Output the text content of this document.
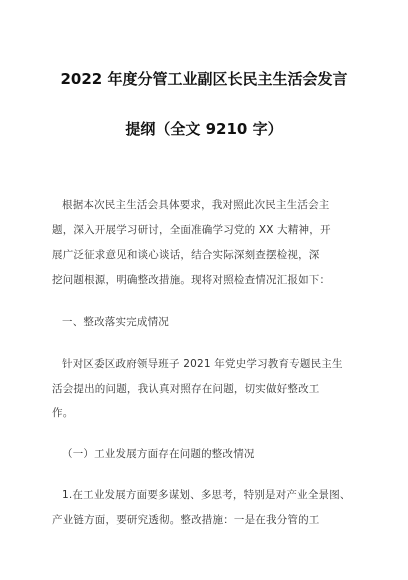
2022 年度分管工业副区长民主生活会发言
提纲（全文 9210 字）
根据本次民主生活会具体要求，我对照此次民主生活会主
题，深入开展学习研讨，全面准确学习党的 XX 大精神，开
展广泛征求意见和谈心谈话，结合实际深刻查摆检视，深
挖问题根源，明确整改措施。现将对照检查情况汇报如下：
一、整改落实完成情况
针对区委区政府领导班子 2021 年党史学习教育专题民主生
活会提出的问题，我认真对照存在问题，切实做好整改工
作。
（一）工业发展方面存在问题的整改情况
1.在工业发展方面要多谋划、多思考，特别是对产业全景图、
产业链方面，要研究透彻。整改措施：一是在我分管的工
